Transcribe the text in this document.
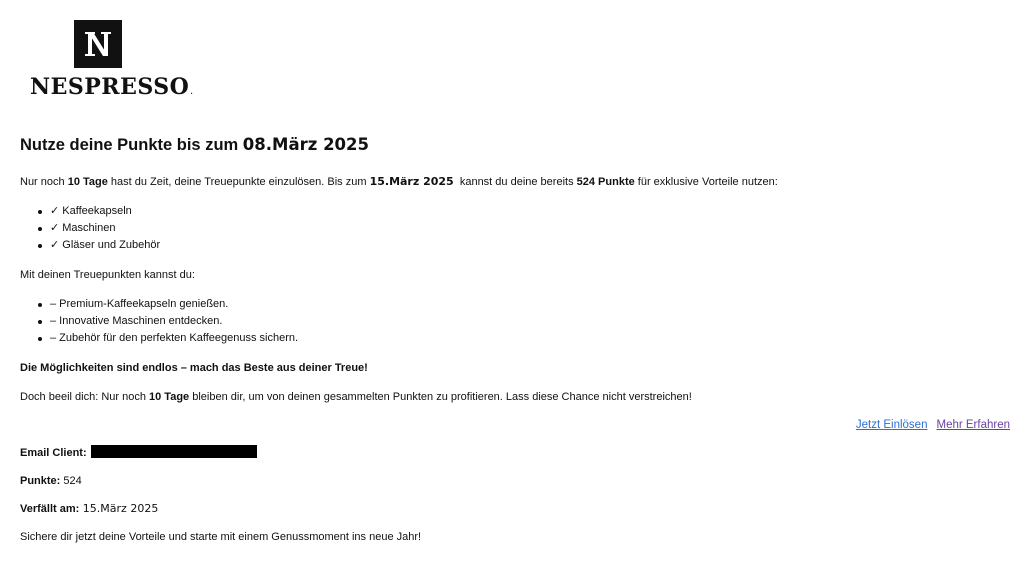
NESPRESSO.
Nutze deine Punkte bis zum 08.März 2025

Nur noch 10 Tage hast du Zeit, deine Treuepunkte einzulösen. Bis zum 15.März 2025  kannst du deine bereits 524 Punkte für exklusive Vorteile nutzen:

✓ Kaffeekapseln
✓ Maschinen
✓ Gläser und Zubehör

Mit deinen Treuepunkten kannst du:

– Premium-Kaffeekapseln genießen.
– Innovative Maschinen entdecken.
– Zubehör für den perfekten Kaffeegenuss sichern.

Die Möglichkeiten sind endlos – mach das Beste aus deiner Treue!

Doch beeil dich: Nur noch 10 Tage bleiben dir, um von deinen gesammelten Punkten zu profitieren. Lass diese Chance nicht verstreichen!

Jetzt Einlösen Mehr Erfahren

Email Client:

Punkte: 524

Verfällt am: 15.März 2025

Sichere dir jetzt deine Vorteile und starte mit einem Genussmoment ins neue Jahr!
